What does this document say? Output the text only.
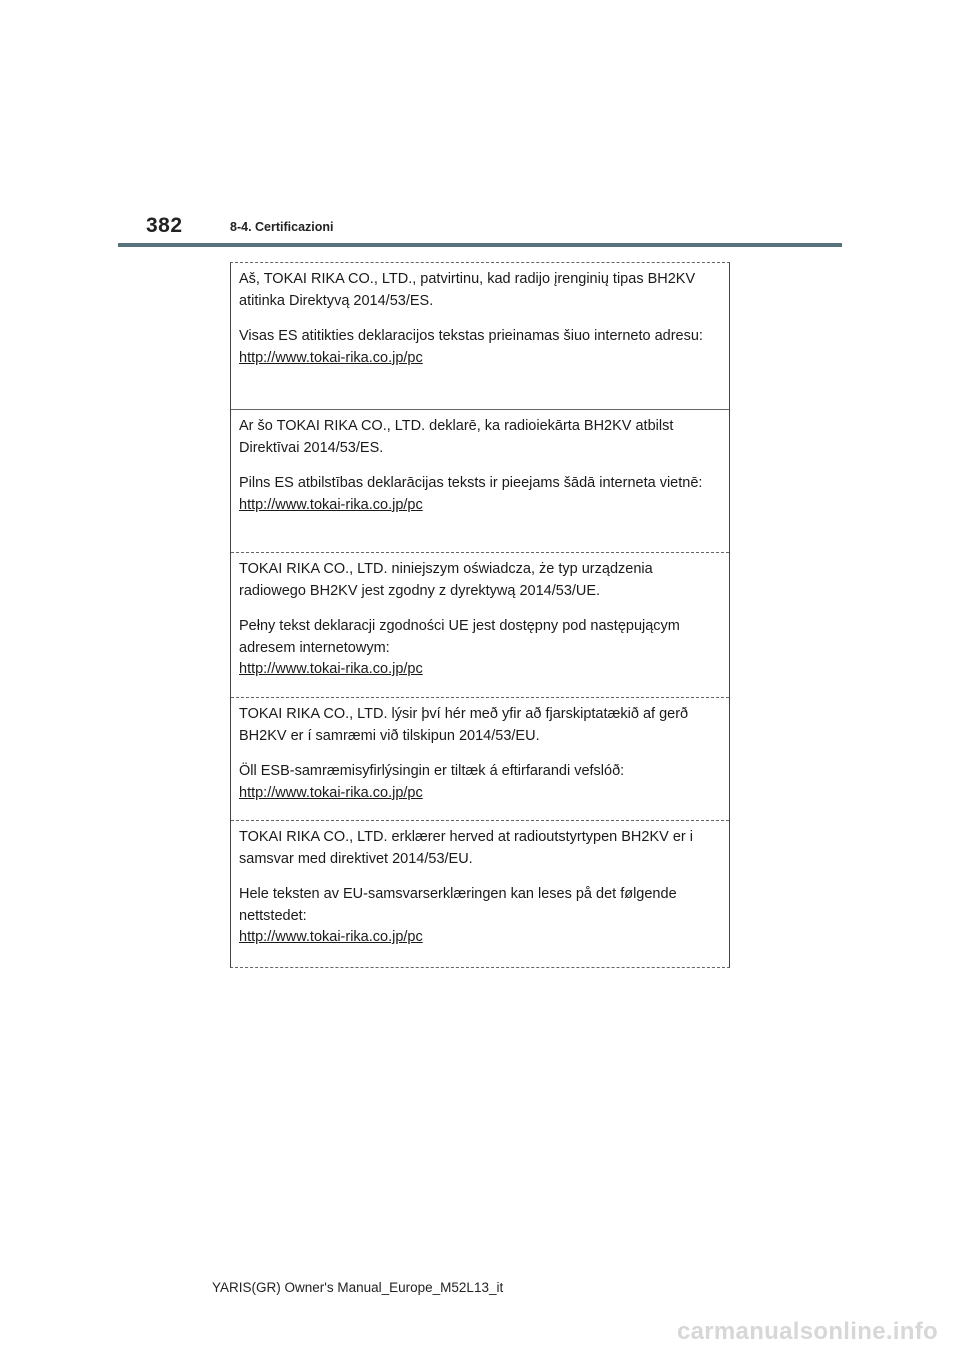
382	8-4. Certificazioni

Aš, TOKAI RIKA CO., LTD., patvirtinu, kad radijo įrenginių tipas BH2KV atitinka Direktyvą 2014/53/ES.

Visas ES atitikties deklaracijos tekstas prieinamas šiuo interneto adresu:

http://www.tokai-rika.co.jp/pc

Ar šo TOKAI RIKA CO., LTD. deklarē, ka radioiekārta BH2KV atbilst Direktīvai 2014/53/ES.

Pilns ES atbilstības deklarācijas teksts ir pieejams šādā interneta vietnē:

http://www.tokai-rika.co.jp/pc

TOKAI RIKA CO., LTD. niniejszym oświadcza, że typ urządzenia radiowego BH2KV jest zgodny z dyrektywą 2014/53/UE.

Pełny tekst deklaracji zgodności UE jest dostępny pod następującym adresem internetowym:

http://www.tokai-rika.co.jp/pc

TOKAI RIKA CO., LTD. lýsir því hér með yfir að fjarskiptatækið af gerð BH2KV er í samræmi við tilskipun 2014/53/EU.

Öll ESB-samræmisyfirlýsingin er tiltæk á eftirfarandi vefslóð:

http://www.tokai-rika.co.jp/pc

TOKAI RIKA CO., LTD. erklærer herved at radioutstyrtypen BH2KV er i samsvar med direktivet 2014/53/EU.

Hele teksten av EU-samsvarserklæringen kan leses på det følgende nettstedet:

http://www.tokai-rika.co.jp/pc
YARIS(GR) Owner's Manual_Europe_M52L13_it
carmanualsonline.info
